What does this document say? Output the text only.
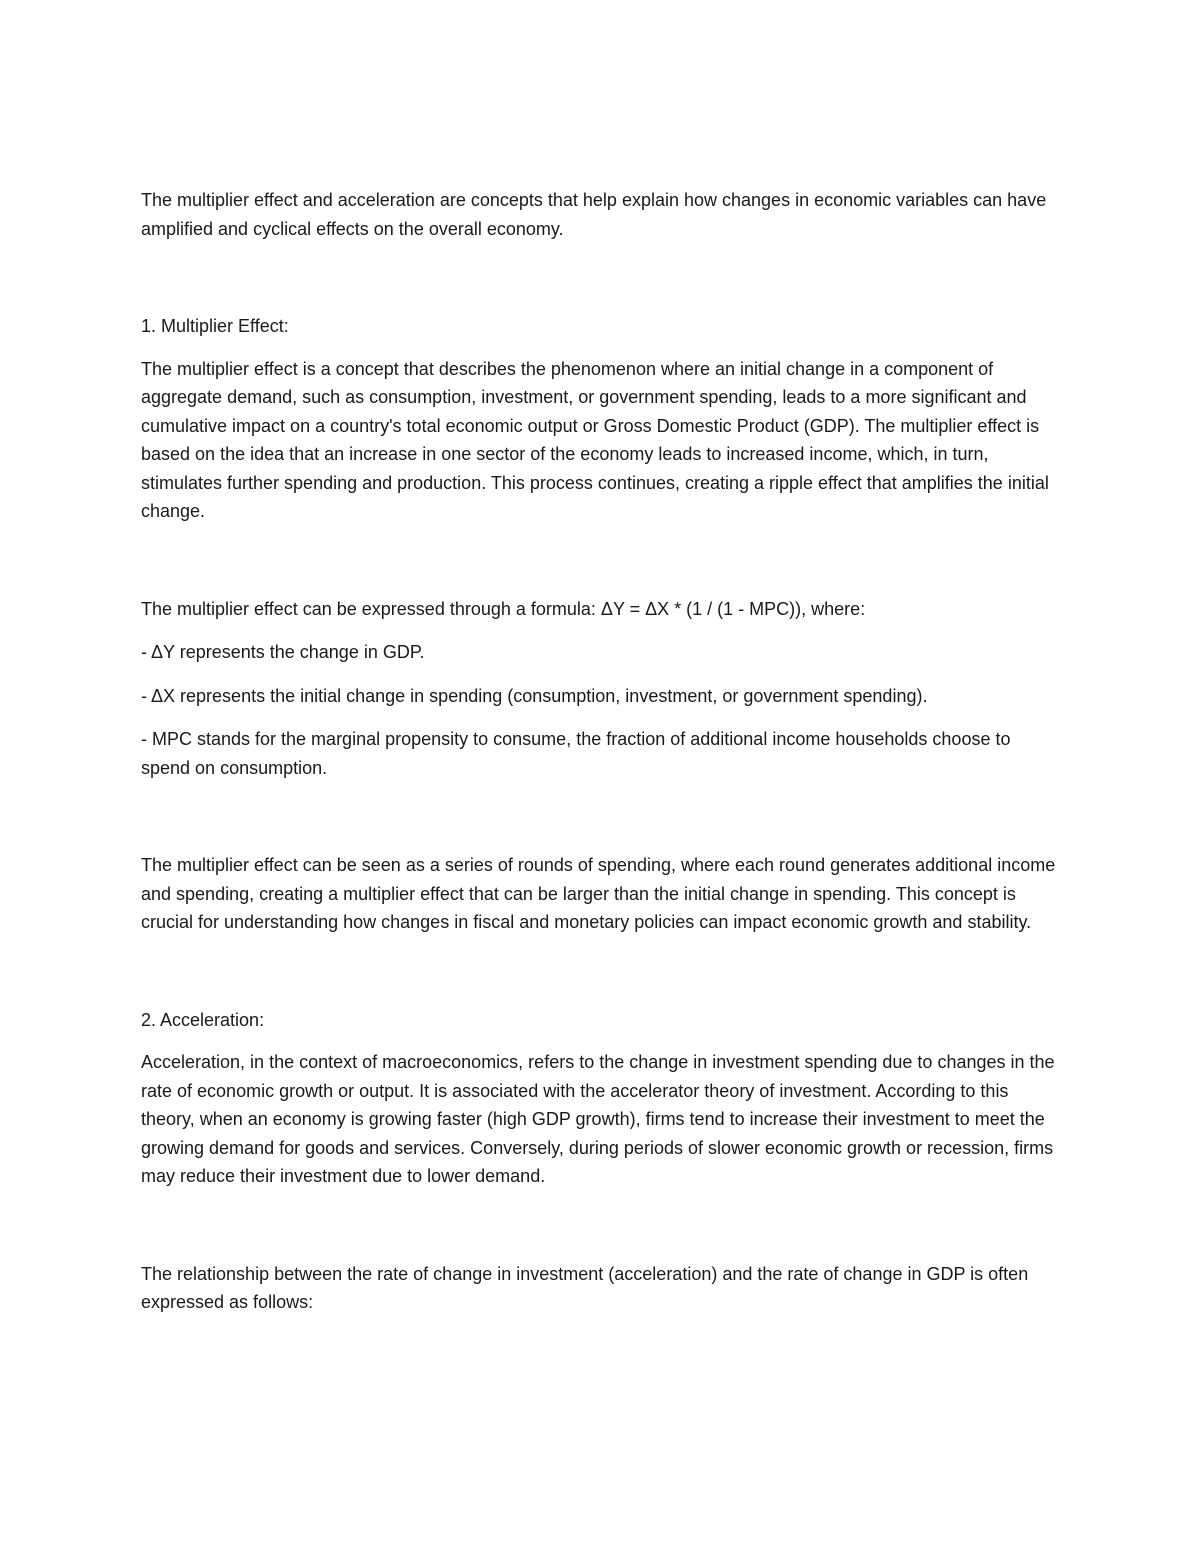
The multiplier effect and acceleration are concepts that help explain how changes in economic variables can have amplified and cyclical effects on the overall economy.

1. Multiplier Effect:

The multiplier effect is a concept that describes the phenomenon where an initial change in a component of aggregate demand, such as consumption, investment, or government spending, leads to a more significant and cumulative impact on a country's total economic output or Gross Domestic Product (GDP). The multiplier effect is based on the idea that an increase in one sector of the economy leads to increased income, which, in turn, stimulates further spending and production. This process continues, creating a ripple effect that amplifies the initial change.

The multiplier effect can be expressed through a formula: ΔY = ΔX * (1 / (1 - MPC)), where:

- ΔY represents the change in GDP.

- ΔX represents the initial change in spending (consumption, investment, or government spending).

- MPC stands for the marginal propensity to consume, the fraction of additional income households choose to spend on consumption.

The multiplier effect can be seen as a series of rounds of spending, where each round generates additional income and spending, creating a multiplier effect that can be larger than the initial change in spending. This concept is crucial for understanding how changes in fiscal and monetary policies can impact economic growth and stability.

2. Acceleration:

Acceleration, in the context of macroeconomics, refers to the change in investment spending due to changes in the rate of economic growth or output. It is associated with the accelerator theory of investment. According to this theory, when an economy is growing faster (high GDP growth), firms tend to increase their investment to meet the growing demand for goods and services. Conversely, during periods of slower economic growth or recession, firms may reduce their investment due to lower demand.

The relationship between the rate of change in investment (acceleration) and the rate of change in GDP is often expressed as follows:
